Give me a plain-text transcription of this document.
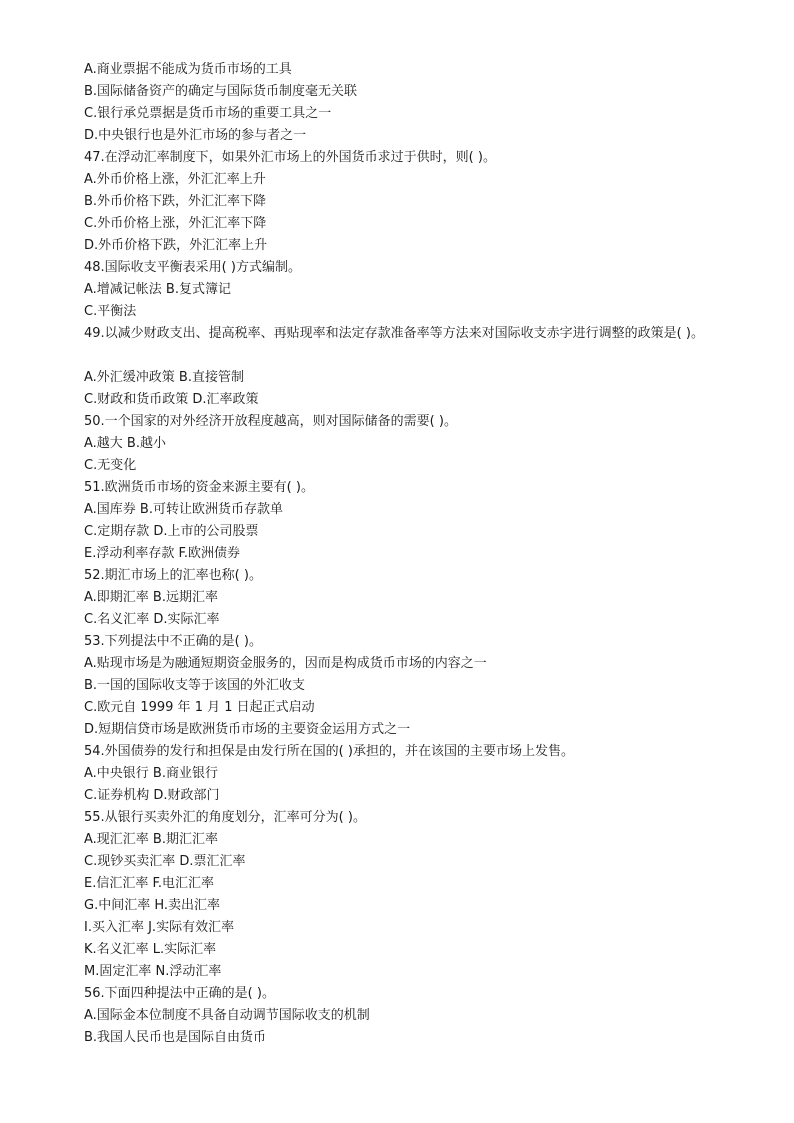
A.商业票据不能成为货币市场的工具
B.国际储备资产的确定与国际货币制度毫无关联
C.银行承兑票据是货币市场的重要工具之一
D.中央银行也是外汇市场的参与者之一
47.在浮动汇率制度下，如果外汇市场上的外国货币求过于供时，则( )。
A.外币价格上涨，外汇汇率上升
B.外币价格下跌，外汇汇率下降
C.外币价格上涨，外汇汇率下降
D.外币价格下跌，外汇汇率上升
48.国际收支平衡表采用( )方式编制。
A.增减记帐法 B.复式簿记
C.平衡法
49.以减少财政支出、提高税率、再贴现率和法定存款准备率等方法来对国际收支赤字进行调整的政策是( )。
A.外汇缓冲政策 B.直接管制
C.财政和货币政策 D.汇率政策
50.一个国家的对外经济开放程度越高，则对国际储备的需要( )。
A.越大 B.越小
C.无变化
51.欧洲货币市场的资金来源主要有( )。
A.国库券 B.可转让欧洲货币存款单
C.定期存款 D.上市的公司股票
E.浮动利率存款 F.欧洲债券
52.期汇市场上的汇率也称( )。
A.即期汇率 B.远期汇率
C.名义汇率 D.实际汇率
53.下列提法中不正确的是( )。
A.贴现市场是为融通短期资金服务的，因而是构成货币市场的内容之一
B.一国的国际收支等于该国的外汇收支
C.欧元自 1999 年 1 月 1 日起正式启动
D.短期信贷市场是欧洲货币市场的主要资金运用方式之一
54.外国债券的发行和担保是由发行所在国的( )承担的，并在该国的主要市场上发售。
A.中央银行 B.商业银行
C.证券机构 D.财政部门
55.从银行买卖外汇的角度划分，汇率可分为( )。
A.现汇汇率 B.期汇汇率
C.现钞买卖汇率 D.票汇汇率
E.信汇汇率 F.电汇汇率
G.中间汇率 H.卖出汇率
I.买入汇率 J.实际有效汇率
K.名义汇率 L.实际汇率
M.固定汇率 N.浮动汇率
56.下面四种提法中正确的是( )。
A.国际金本位制度不具备自动调节国际收支的机制
B.我国人民币也是国际自由货币
